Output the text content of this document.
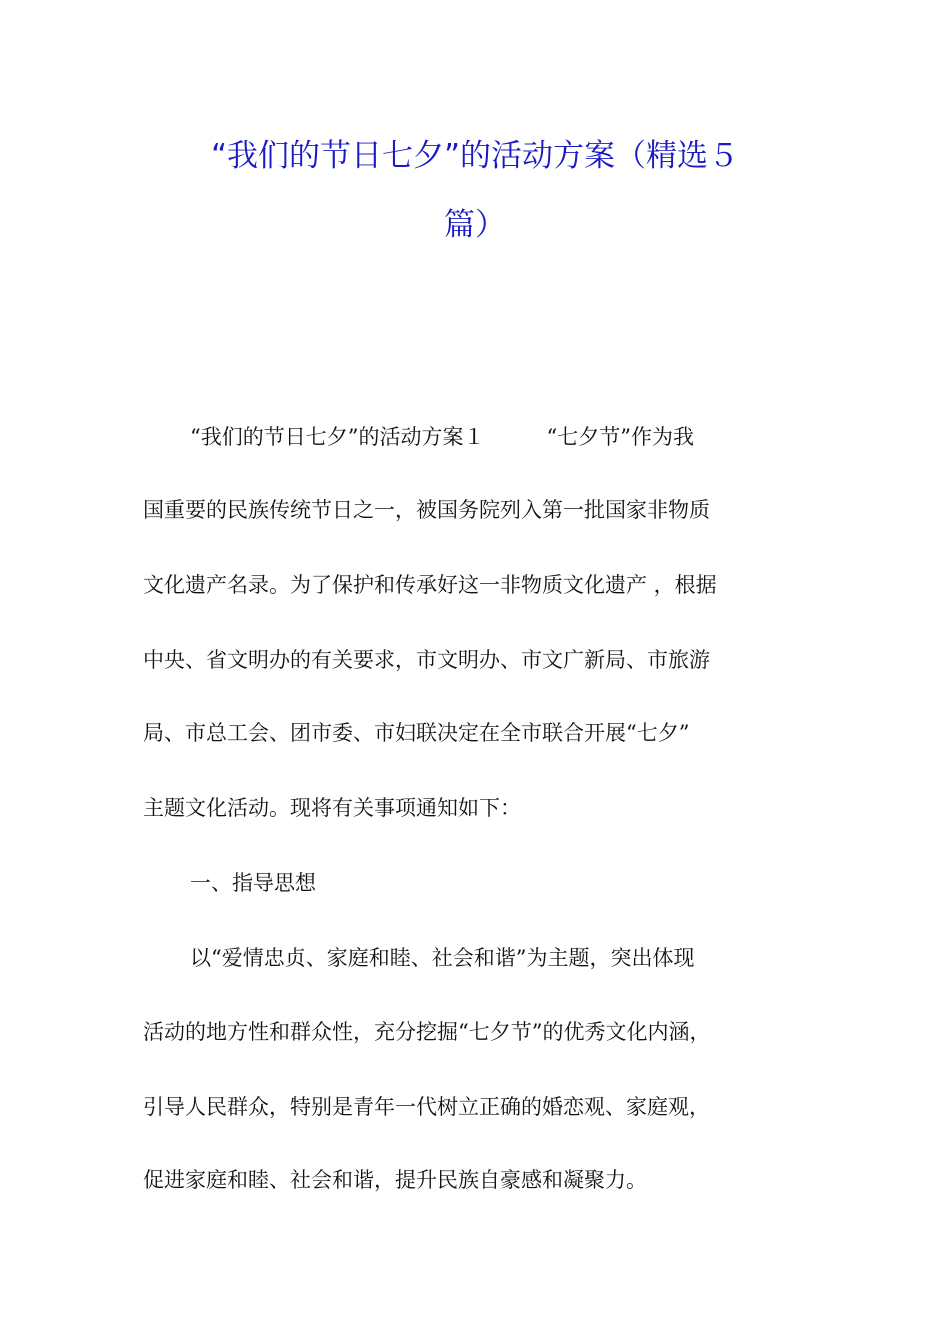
“我们的节日七夕”的活动方案（精选５
篇）
“我们的节日七夕”的活动方案１	“七夕节”作为我
国重要的民族传统节日之一，被国务院列入第一批国家非物质
文化遗产名录。为了保护和传承好这一非物质文化遗产 ，根据
中央、省文明办的有关要求，市文明办、市文广新局、市旅游
局、市总工会、团市委、市妇联决定在全市联合开展“七夕”
主题文化活动。现将有关事项通知如下：
一、指导思想
以“爱情忠贞、家庭和睦、社会和谐”为主题，突出体现
活动的地方性和群众性，充分挖掘“七夕节”的优秀文化内涵，
引导人民群众，特别是青年一代树立正确的婚恋观、家庭观，
促进家庭和睦、社会和谐，提升民族自豪感和凝聚力。
